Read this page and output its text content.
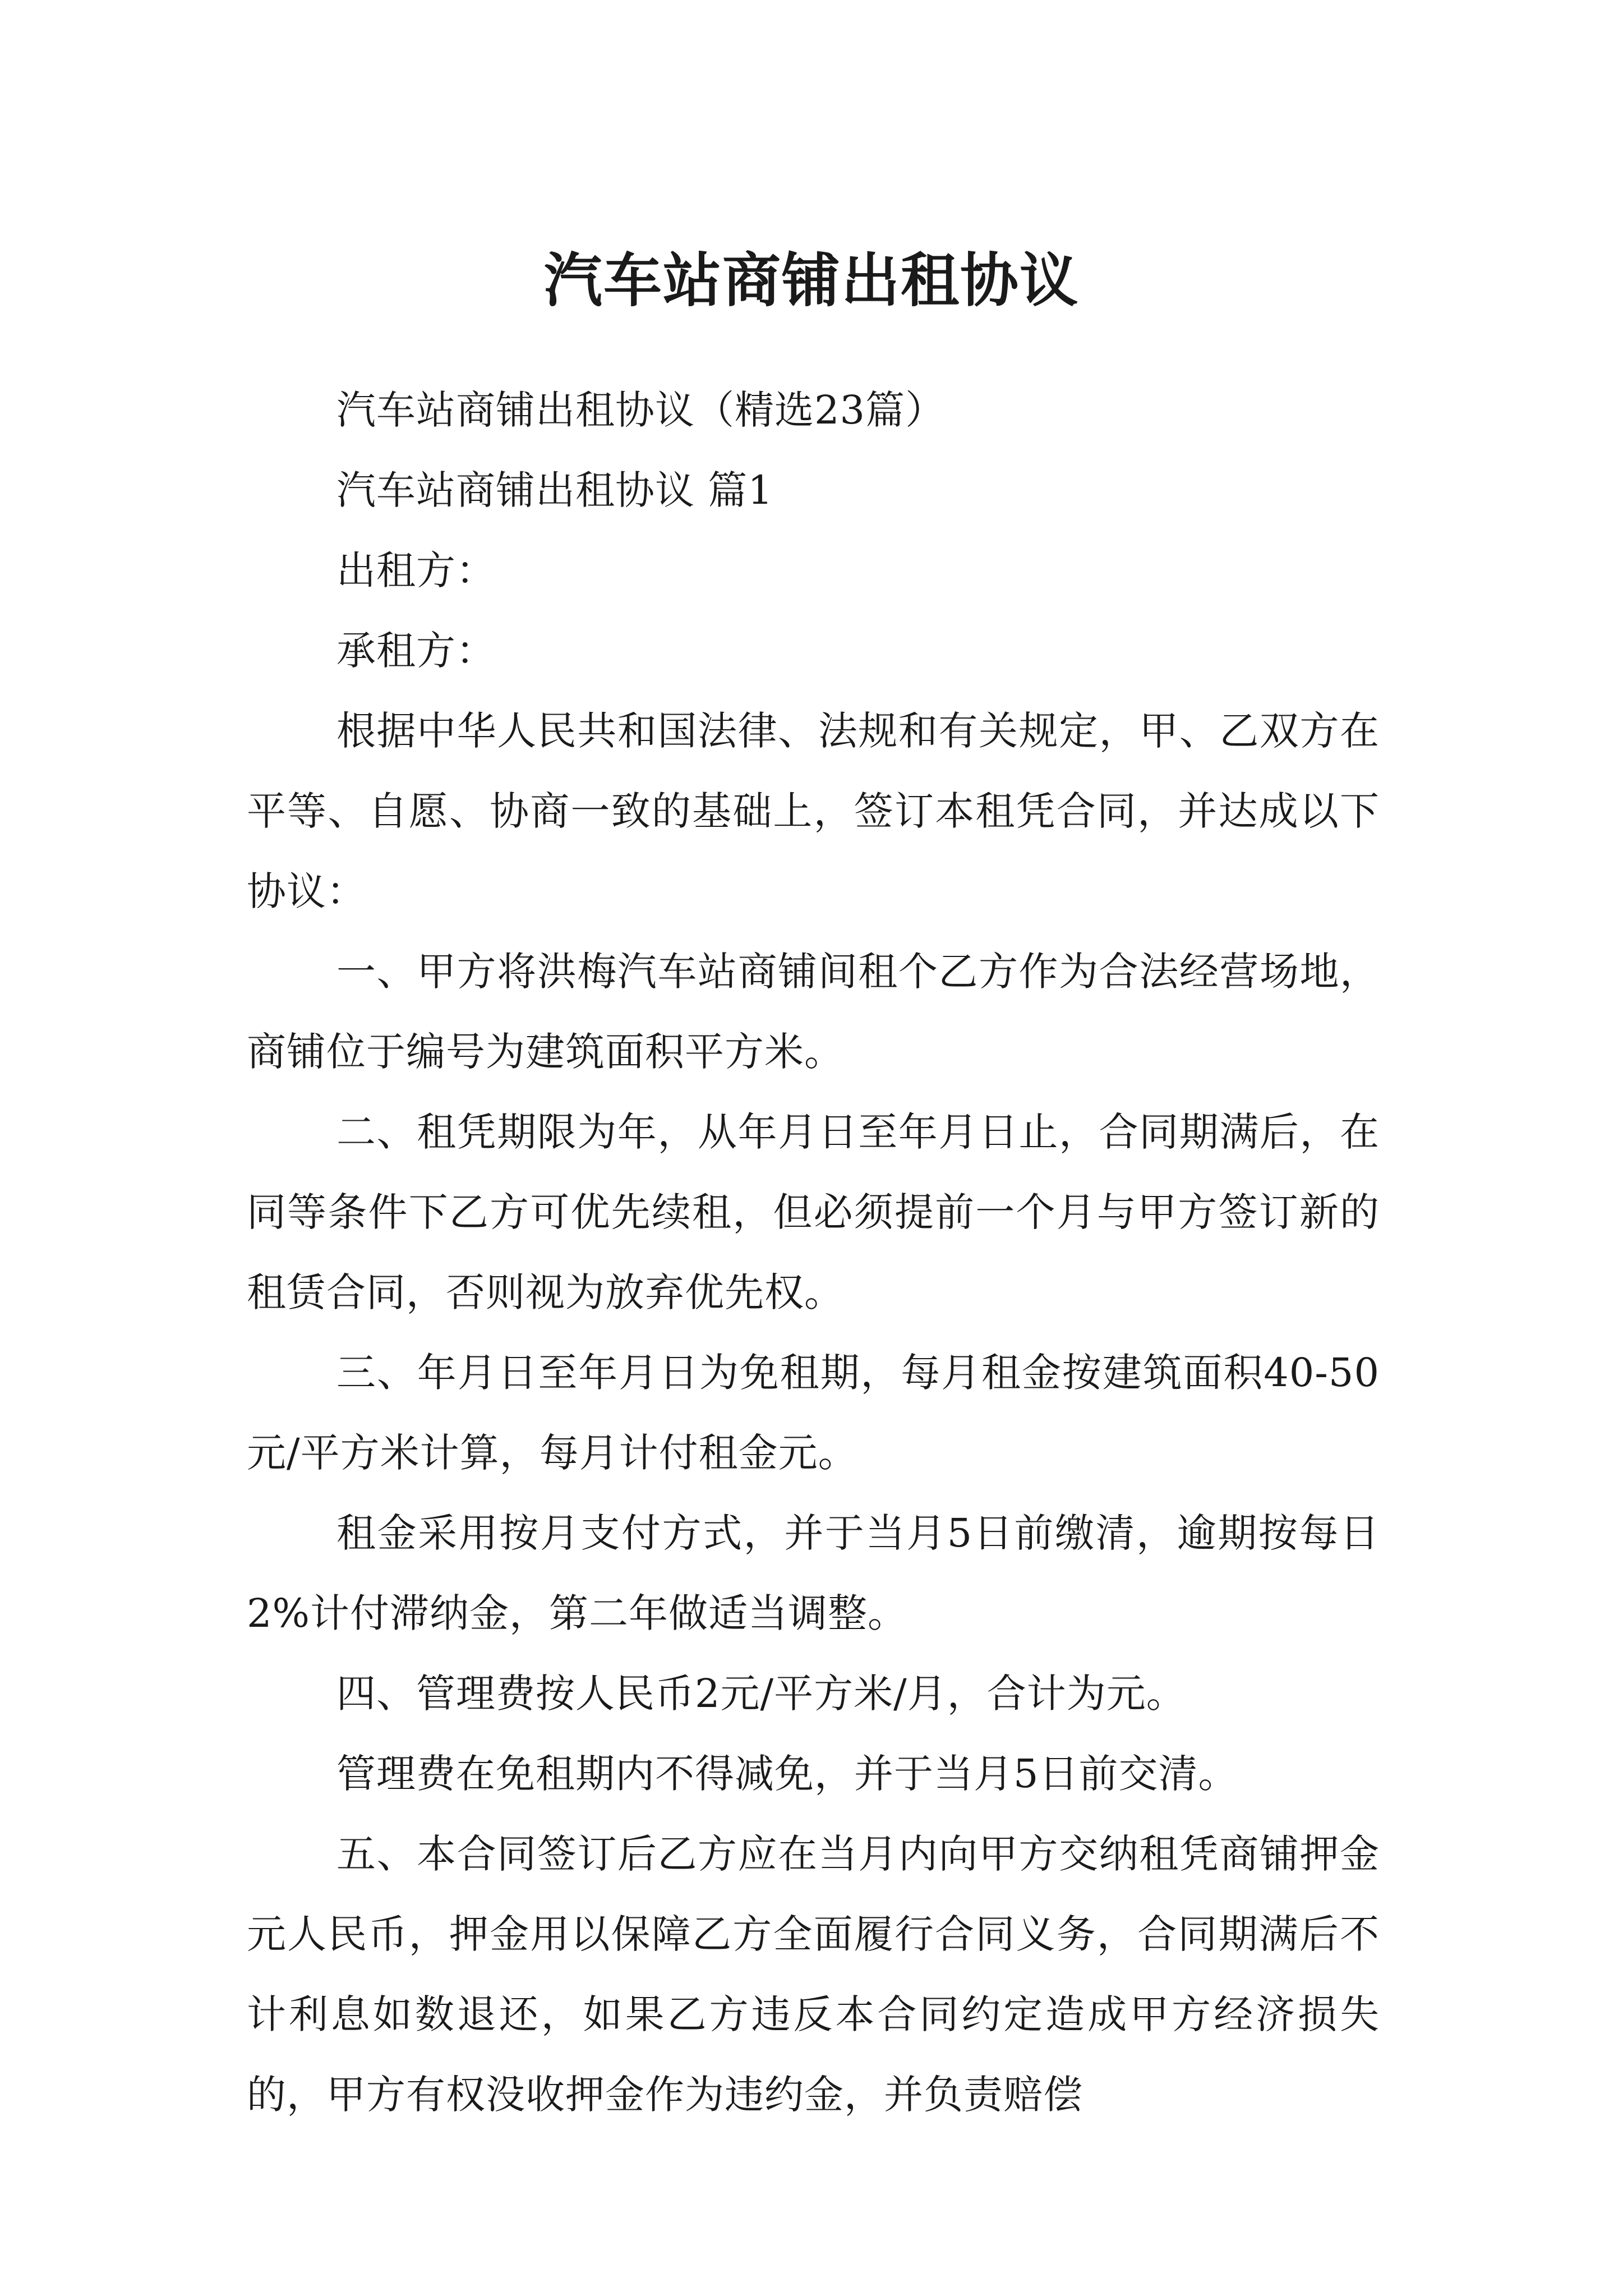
汽车站商铺出租协议

汽车站商铺出租协议（精选23篇）

汽车站商铺出租协议 篇1

出租方：

承租方：

根据中华人民共和国法律、法规和有关规定，甲、乙双方在平等、自愿、协商一致的基础上，签订本租凭合同，并达成以下协议：

一、甲方将洪梅汽车站商铺间租个乙方作为合法经营场地，商铺位于编号为建筑面积平方米。

二、租凭期限为年，从年月日至年月日止，合同期满后，在同等条件下乙方可优先续租，但必须提前一个月与甲方签订新的租赁合同，否则视为放弃优先权。

三、年月日至年月日为免租期，每月租金按建筑面积40-50元/平方米计算，每月计付租金元。

租金采用按月支付方式，并于当月5日前缴清，逾期按每日2%计付滞纳金，第二年做适当调整。

四、管理费按人民币2元/平方米/月，合计为元。

管理费在免租期内不得减免，并于当月5日前交清。

五、本合同签订后乙方应在当月内向甲方交纳租凭商铺押金元人民币，押金用以保障乙方全面履行合同义务，合同期满后不计利息如数退还，如果乙方违反本合同约定造成甲方经济损失的，甲方有权没收押金作为违约金，并负责赔偿
